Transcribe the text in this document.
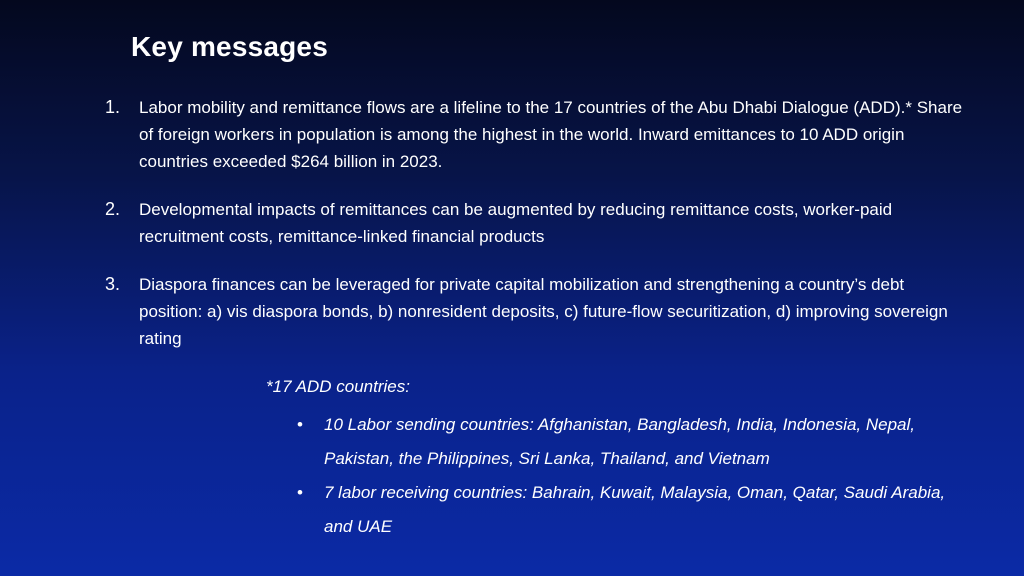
Key messages
1. Labor mobility and remittance flows are a lifeline to the 17 countries of the Abu Dhabi Dialogue (ADD).* Share of foreign workers in population is among the highest in the world. Inward emittances to 10 ADD origin countries exceeded $264 billion in 2023.
2. Developmental impacts of remittances can be augmented by reducing remittance costs, worker-paid recruitment costs, remittance-linked financial products
3. Diaspora finances can be leveraged for private capital mobilization and strengthening a country’s debt position: a) vis diaspora bonds, b) nonresident deposits, c) future-flow securitization, d) improving sovereign rating
*17 ADD countries:
• 10 Labor sending countries: Afghanistan, Bangladesh, India, Indonesia, Nepal, Pakistan, the Philippines, Sri Lanka, Thailand, and Vietnam
• 7 labor receiving countries: Bahrain, Kuwait, Malaysia, Oman, Qatar, Saudi Arabia, and UAE
